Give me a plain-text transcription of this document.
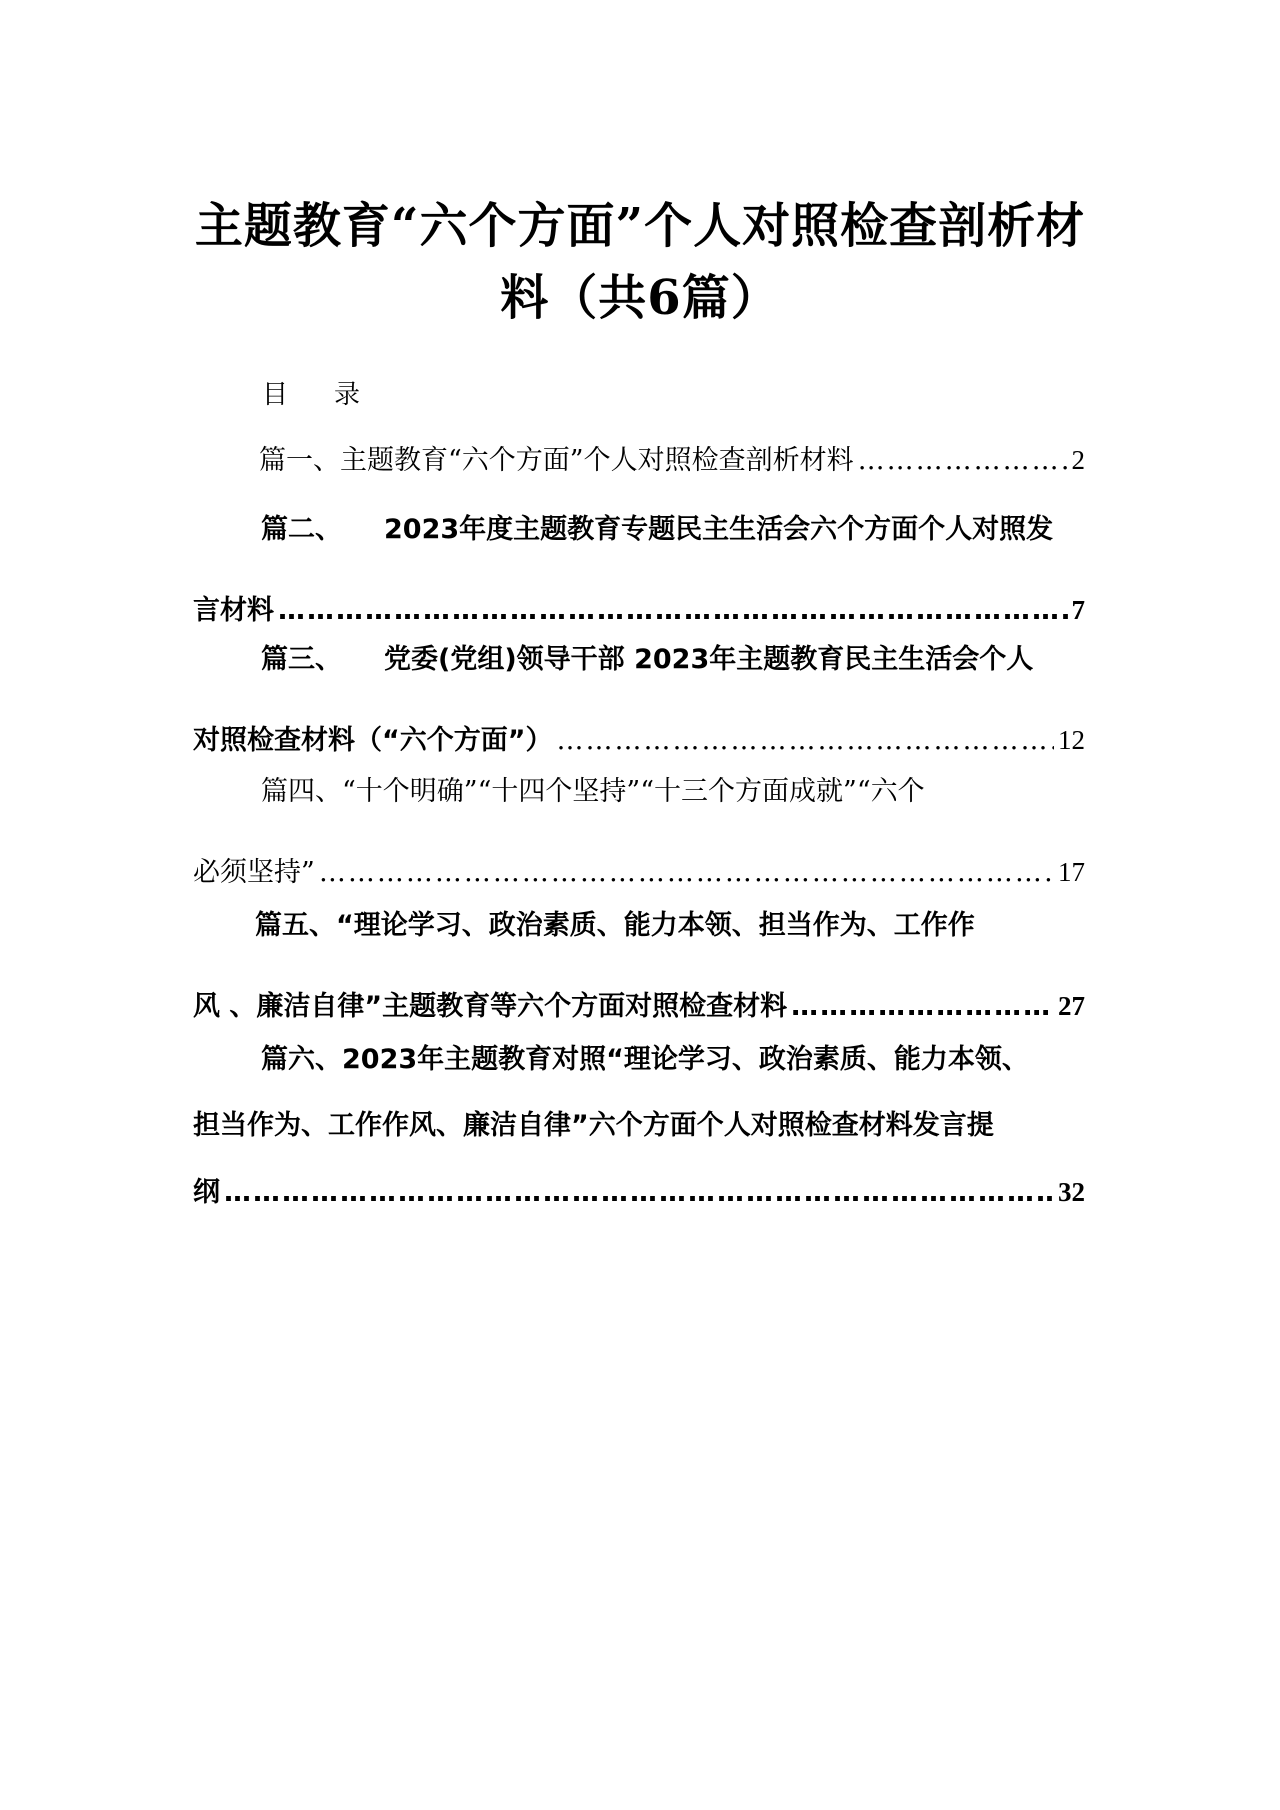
主题教育“六个方面”个人对照检查剖析材
料（共6篇）
目 录
篇一、主题教育“六个方面”个人对照检查剖析材料 ……………………………………………………………………………………………………………………………………………………………………	2
篇二、 2023年度主题教育专题民主生活会六个方面个人对照发
言材料 ……………………………………………………………………………………………………………………………………………………………………	7
篇三、 党委(党组)领导干部 2023年主题教育民主生活会个人
对照检查材料（“六个方面”） ……………………………………………………………………………………………………………………………………………………………………	12
篇四、“十个明确”“十四个坚持”“十三个方面成就”“六个
必须坚持” ……………………………………………………………………………………………………………………………………………………………………	17
篇五、“理论学习、政治素质、能力本领、担当作为、工作作
风 、廉洁自律”主题教育等六个方面对照检查材料 ……………………………………………………………………………………………………………………………………………………………………	27
篇六、2023年主题教育对照“理论学习、政治素质、能力本领、
担当作为、工作作风、廉洁自律”六个方面个人对照检查材料发言提
纲 ……………………………………………………………………………………………………………………………………………………………………	32
